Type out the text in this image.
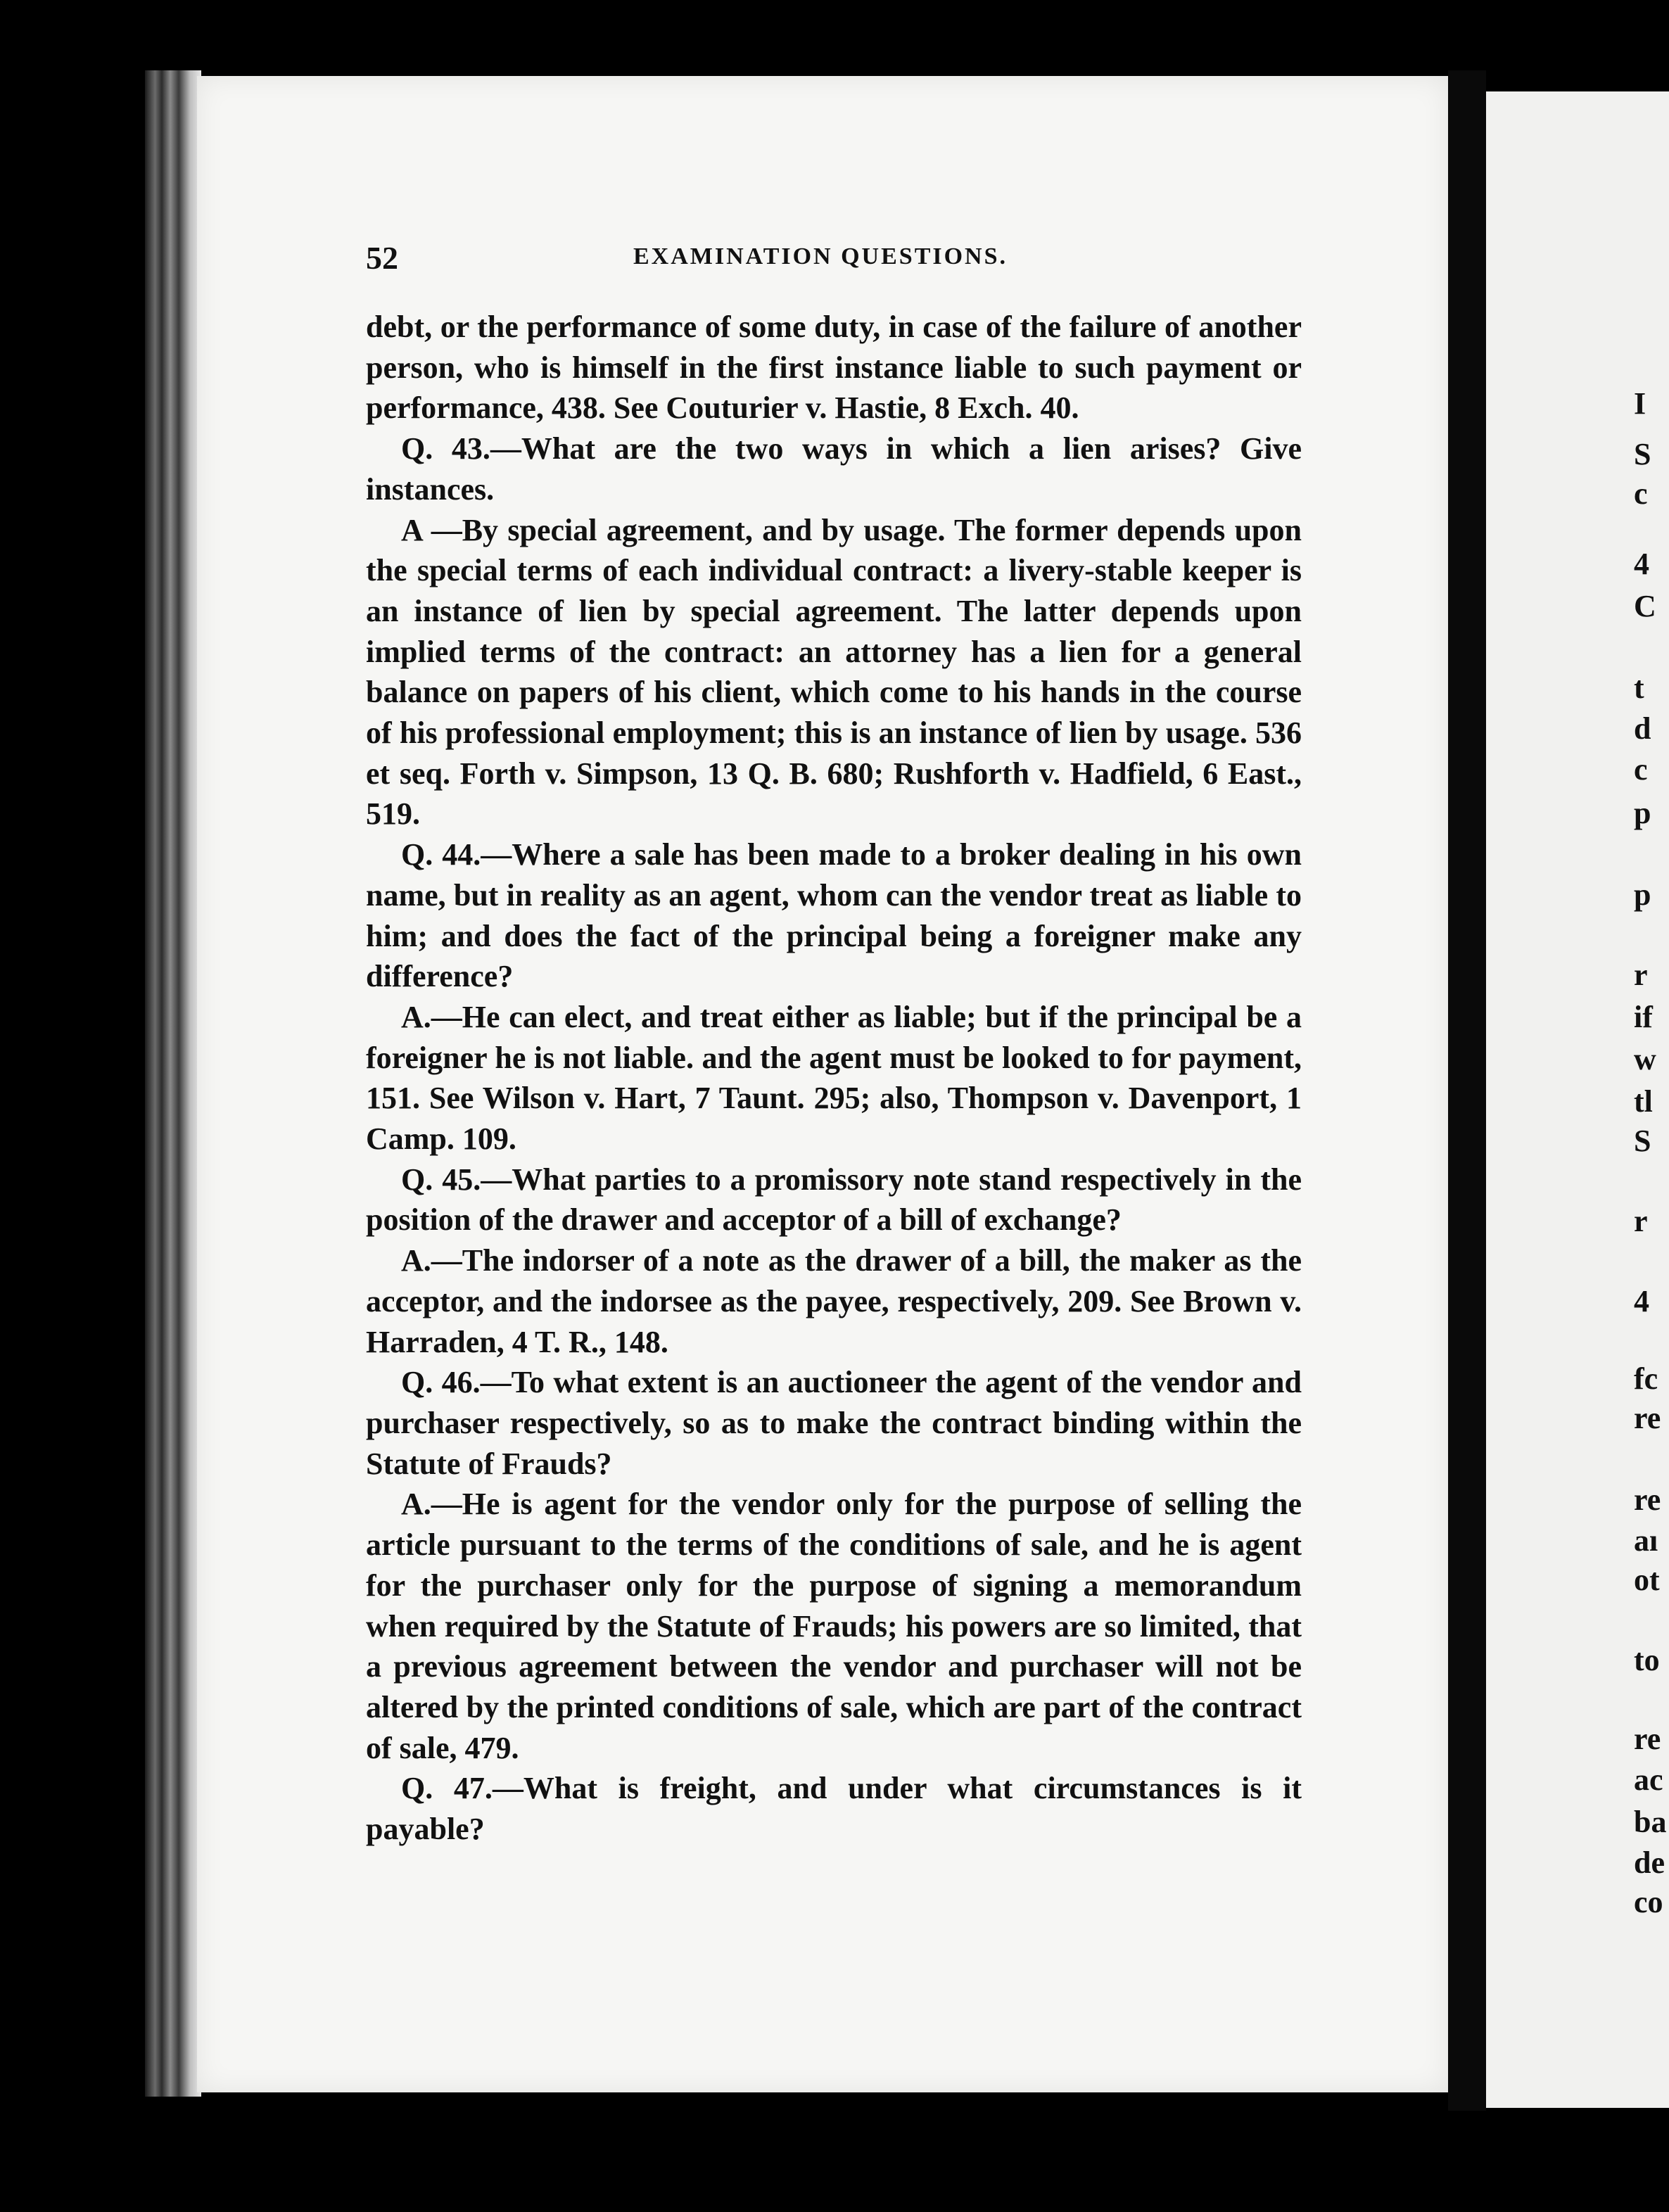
52	EXAMINATION QUESTIONS.

debt, or the performance of some duty, in case of the failure of another person, who is himself in the first instance liable to such payment or performance, 438. See Couturier v. Hastie, 8 Exch. 40.

Q. 43.—What are the two ways in which a lien arises? Give instances.

A —By special agreement, and by usage. The former depends upon the special terms of each individual contract: a livery-stable keeper is an instance of lien by special agreement. The latter depends upon implied terms of the contract: an attorney has a lien for a general balance on papers of his client, which come to his hands in the course of his professional employment; this is an instance of lien by usage. 536 et seq. Forth v. Simpson, 13 Q. B. 680; Rushforth v. Hadfield, 6 East., 519.

Q. 44.—Where a sale has been made to a broker dealing in his own name, but in reality as an agent, whom can the vendor treat as liable to him; and does the fact of the principal being a foreigner make any difference?

A.—He can elect, and treat either as liable; but if the principal be a foreigner he is not liable. and the agent must be looked to for payment, 151. See Wilson v. Hart, 7 Taunt. 295; also, Thompson v. Davenport, 1 Camp. 109.

Q. 45.—What parties to a promissory note stand respectively in the position of the drawer and acceptor of a bill of exchange?

A.—The indorser of a note as the drawer of a bill, the maker as the acceptor, and the indorsee as the payee, respectively, 209. See Brown v. Harraden, 4 T. R., 148.

Q. 46.—To what extent is an auctioneer the agent of the vendor and purchaser respectively, so as to make the contract binding within the Statute of Frauds?

A.—He is agent for the vendor only for the purpose of selling the article pursuant to the terms of the conditions of sale, and he is agent for the purchaser only for the purpose of signing a memorandum when required by the Statute of Frauds; his powers are so limited, that a previous agreement between the vendor and purchaser will not be altered by the printed conditions of sale, which are part of the contract of sale, 479.

Q. 47.—What is freight, and under what circumstances is it payable?

I
S
c
4
C
t
d
c
p
p
r
if
w
tl
S
r
4
fc
re
re
aı
ot
to
re
ac
ba
de
co
